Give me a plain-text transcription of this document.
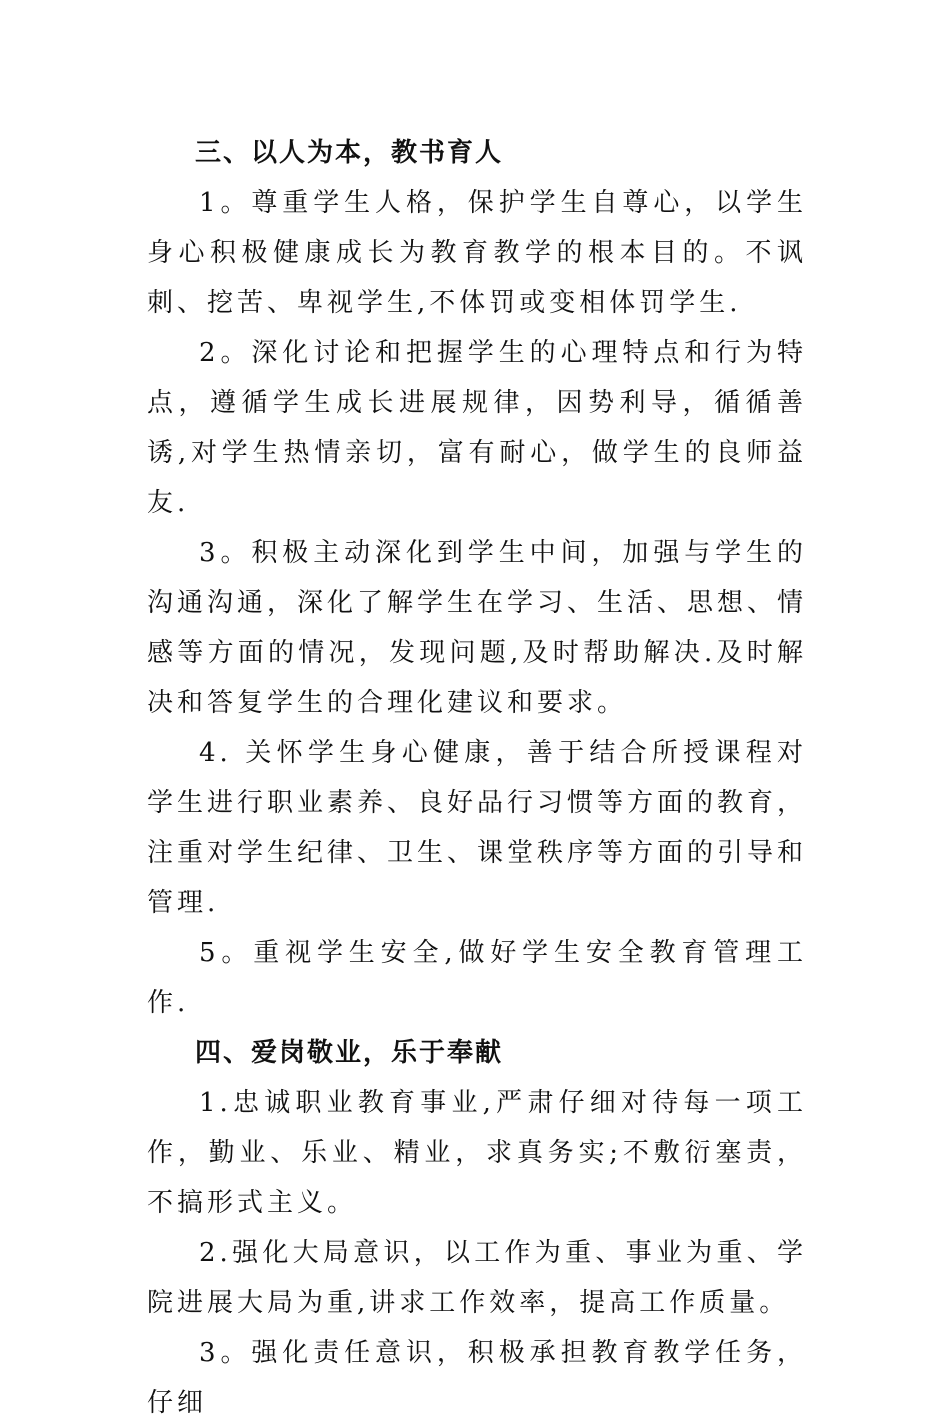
三、以人为本，教书育人

1。尊重学生人格，保护学生自尊心，以学生身心积极健康成长为教育教学的根本目的。不讽刺、挖苦、卑视学生,不体罚或变相体罚学生.

2。深化讨论和把握学生的心理特点和行为特点，遵循学生成长进展规律，因势利导，循循善诱,对学生热情亲切，富有耐心，做学生的良师益友.

3。积极主动深化到学生中间，加强与学生的沟通沟通，深化了解学生在学习、生活、思想、情感等方面的情况，发现问题,及时帮助解决.及时解决和答复学生的合理化建议和要求。

4. 关怀学生身心健康，善于结合所授课程对学生进行职业素养、良好品行习惯等方面的教育，注重对学生纪律、卫生、课堂秩序等方面的引导和管理.

5。重视学生安全,做好学生安全教育管理工作.

四、爱岗敬业，乐于奉献

1.忠诚职业教育事业,严肃仔细对待每一项工作，勤业、乐业、精业，求真务实;不敷衍塞责，不搞形式主义。

2.强化大局意识，以工作为重、事业为重、学院进展大局为重,讲求工作效率，提高工作质量。

3。强化责任意识，积极承担教育教学任务，仔细
